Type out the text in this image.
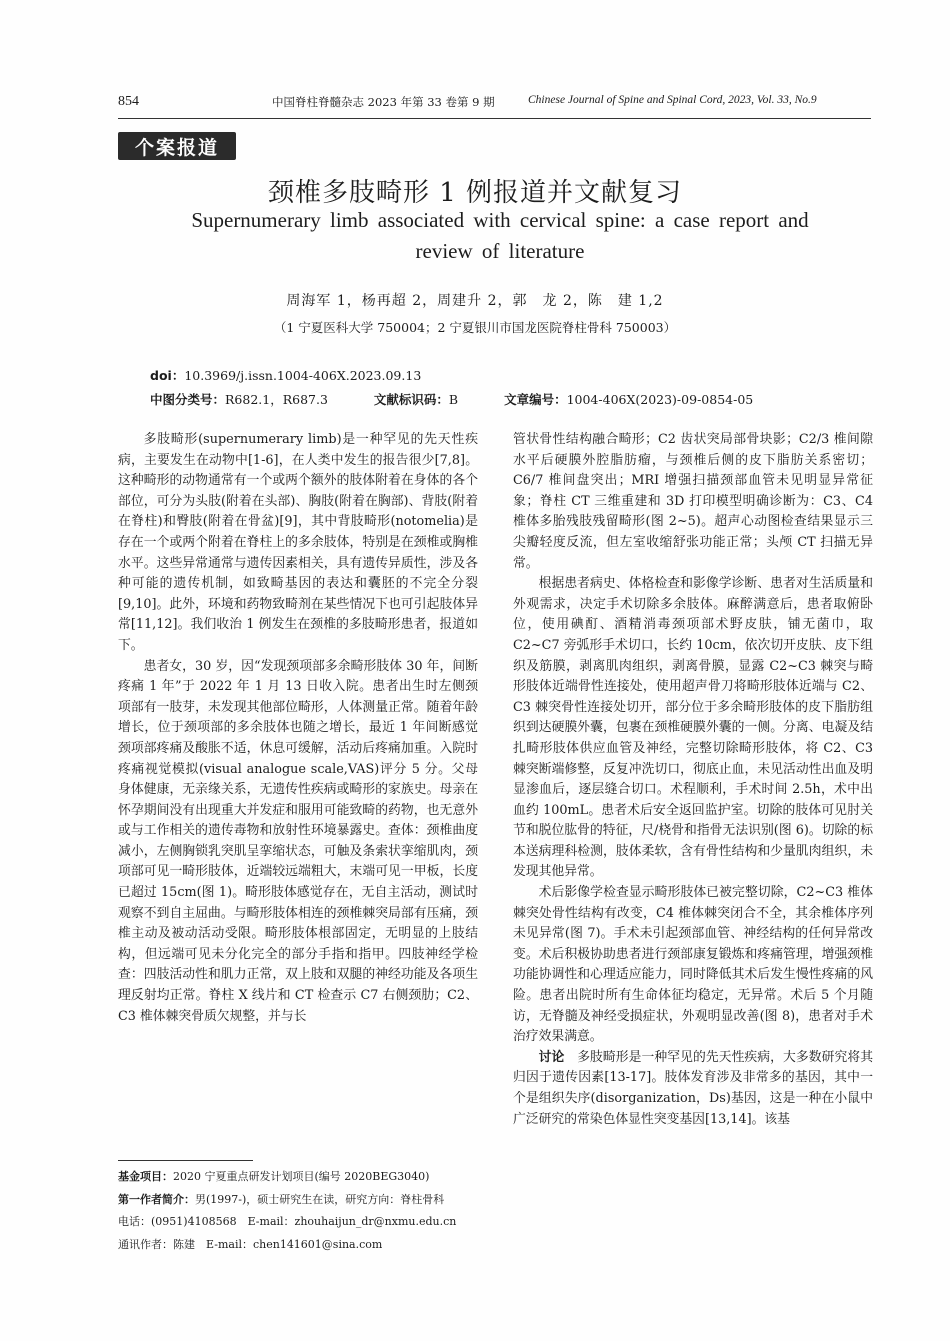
854	中国脊柱脊髓杂志 2023 年第 33 卷第 9 期	Chinese Journal of Spine and Spinal Cord, 2023, Vol. 33, No.9
个案报道
颈椎多肢畸形 1 例报道并文献复习
Supernumerary limb associated with cervical spine: a case report and review of literature
周海军 1，杨再超 2，周建升 2，郭　龙 2，陈　建 1,2
（1 宁夏医科大学 750004；2 宁夏银川市国龙医院脊柱骨科 750003）
doi：10.3969/j.issn.1004-406X.2023.09.13
中图分类号：R682.1，R687.3	文献标识码：B	文章编号：1004-406X(2023)-09-0854-05

多肢畸形(supernumerary limb)是一种罕见的先天性疾病，主要发生在动物中[1-6]，在人类中发生的报告很少[7,8]。这种畸形的动物通常有一个或两个额外的肢体附着在身体的各个部位，可分为头肢(附着在头部)、胸肢(附着在胸部)、背肢(附着在脊柱)和臀肢(附着在骨盆)[9]，其中背肢畸形(notomelia)是存在一个或两个附着在脊柱上的多余肢体，特别是在颈椎或胸椎水平。这些异常通常与遗传因素相关，具有遗传异质性，涉及各种可能的遗传机制，如致畸基因的表达和囊胚的不完全分裂[9,10]。此外，环境和药物致畸剂在某些情况下也可引起肢体异常[11,12]。我们收治 1 例发生在颈椎的多肢畸形患者，报道如下。

患者女，30 岁，因“发现颈项部多余畸形肢体 30 年，间断疼痛 1 年”于 2022 年 1 月 13 日收入院。患者出生时左侧颈项部有一肢芽，未发现其他部位畸形，人体测量正常。随着年龄增长，位于颈项部的多余肢体也随之增长，最近 1 年间断感觉颈项部疼痛及酸胀不适，休息可缓解，活动后疼痛加重。入院时疼痛视觉模拟(visual analogue scale,VAS)评分 5 分。父母身体健康，无亲缘关系，无遗传性疾病或畸形的家族史。母亲在怀孕期间没有出现重大并发症和服用可能致畸的药物，也无意外或与工作相关的遗传毒物和放射性环境暴露史。查体：颈椎曲度减小，左侧胸锁乳突肌呈挛缩状态，可触及条索状挛缩肌肉，颈项部可见一畸形肢体，近端较远端粗大，末端可见一甲板，长度已超过 15cm(图 1)。畸形肢体感觉存在，无自主活动，测试时观察不到自主屈曲。与畸形肢体相连的颈椎棘突局部有压痛，颈椎主动及被动活动受限。畸形肢体根部固定，无明显的上肢结构，但远端可见未分化完全的部分手指和指甲。四肢神经学检查：四肢活动性和肌力正常，双上肢和双腿的神经功能及各项生理反射均正常。脊柱 X 线片和 CT 检查示 C7 右侧颈肋；C2、C3 椎体棘突骨质欠规整，并与长

管状骨性结构融合畸形；C2 齿状突局部骨块影；C2/3 椎间隙水平后硬膜外腔脂肪瘤，与颈椎后侧的皮下脂肪关系密切；C6/7 椎间盘突出；MRI 增强扫描颈部血管未见明显异常征象；脊柱 CT 三维重建和 3D 打印模型明确诊断为：C3、C4 椎体多胎残肢残留畸形(图 2~5)。超声心动图检查结果显示三尖瓣轻度反流，但左室收缩舒张功能正常；头颅 CT 扫描无异常。

根据患者病史、体格检查和影像学诊断、患者对生活质量和外观需求，决定手术切除多余肢体。麻醉满意后，患者取俯卧位，使用碘酊、酒精消毒颈项部术野皮肤，铺无菌巾，取 C2~C7 旁弧形手术切口，长约 10cm，依次切开皮肤、皮下组织及筋膜，剥离肌肉组织，剥离骨膜，显露 C2~C3 棘突与畸形肢体近端骨性连接处，使用超声骨刀将畸形肢体近端与 C2、C3 棘突骨性连接处切开，部分位于多余畸形肢体的皮下脂肪组织到达硬膜外囊，包裹在颈椎硬膜外囊的一侧。分离、电凝及结扎畸形肢体供应血管及神经，完整切除畸形肢体，将 C2、C3 棘突断端修整，反复冲洗切口，彻底止血，未见活动性出血及明显渗血后，逐层缝合切口。术程顺利，手术时间 2.5h，术中出血约 100mL。患者术后安全返回监护室。切除的肢体可见肘关节和脱位肱骨的特征，尺/桡骨和指骨无法识别(图 6)。切除的标本送病理科检测，肢体柔软，含有骨性结构和少量肌肉组织，未发现其他异常。

术后影像学检查显示畸形肢体已被完整切除，C2~C3 椎体棘突处骨性结构有改变，C4 椎体棘突闭合不全，其余椎体序列未见异常(图 7)。手术未引起颈部血管、神经结构的任何异常改变。术后积极协助患者进行颈部康复锻炼和疼痛管理，增强颈椎功能协调性和心理适应能力，同时降低其术后发生慢性疼痛的风险。患者出院时所有生命体征均稳定，无异常。术后 5 个月随访，无脊髓及神经受损症状，外观明显改善(图 8)，患者对手术治疗效果满意。

讨论　多肢畸形是一种罕见的先天性疾病，大多数研究将其归因于遗传因素[13-17]。肢体发育涉及非常多的基因，其中一个是组织失序(disorganization，Ds)基因，这是一种在小鼠中广泛研究的常染色体显性突变基因[13,14]。该基

基金项目：2020 宁夏重点研发计划项目(编号 2020BEG3040)
第一作者简介：男(1997-)，硕士研究生在读，研究方向：脊柱骨科
电话：(0951)4108568　E-mail：zhouhaijun_dr@nxmu.edu.cn
通讯作者：陈建　E-mail：chen141601@sina.com
